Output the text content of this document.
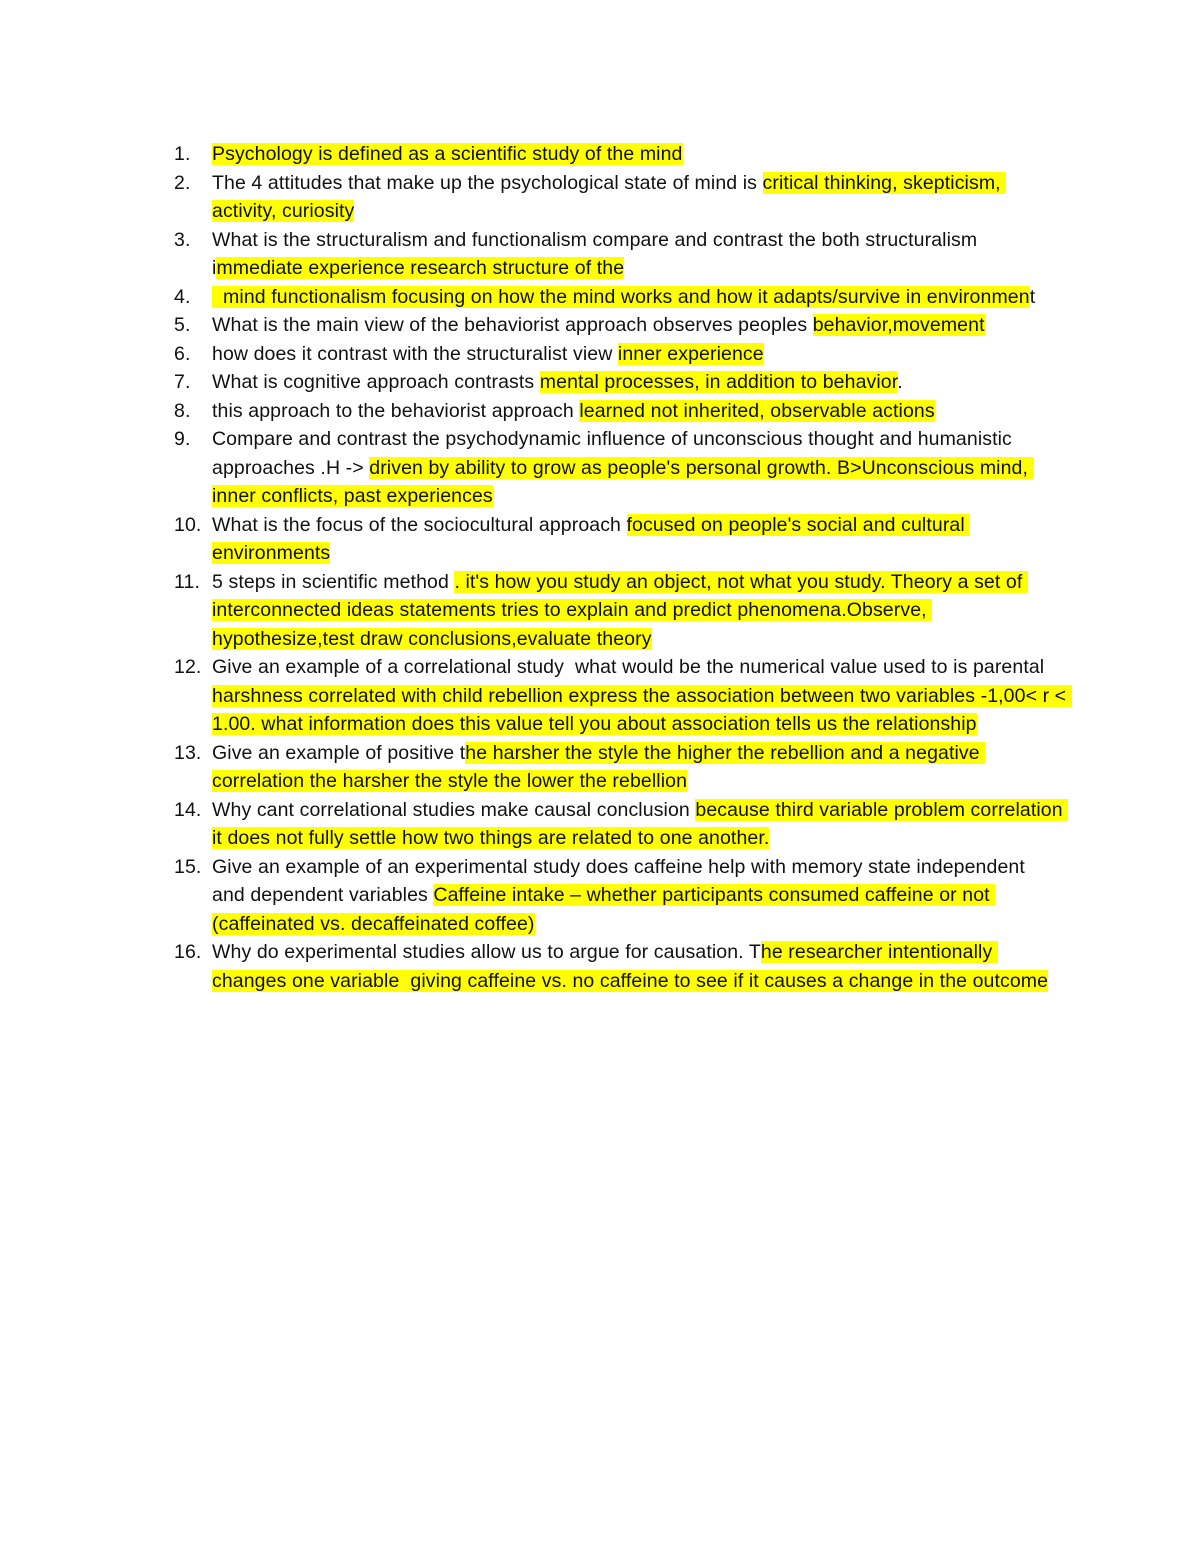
1. Psychology is defined as a scientific study of the mind
2. The 4 attitudes that make up the psychological state of mind is critical thinking, skepticism, activity, curiosity
3. What is the structuralism and functionalism compare and contrast the both structuralism immediate experience research structure of the
4. mind functionalism focusing on how the mind works and how it adapts/survive in environment
5. What is the main view of the behaviorist approach observes peoples behavior,movement
6. how does it contrast with the structuralist view inner experience
7. What is cognitive approach contrasts mental processes, in addition to behavior.
8. this approach to the behaviorist approach learned not inherited, observable actions
9. Compare and contrast the psychodynamic influence of unconscious thought and humanistic approaches .H -> driven by ability to grow as people's personal growth. B>Unconscious mind, inner conflicts, past experiences
10. What is the focus of the sociocultural approach focused on people's social and cultural environments
11. 5 steps in scientific method . it's how you study an object, not what you study. Theory a set of interconnected ideas statements tries to explain and predict phenomena.Observe, hypothesize,test draw conclusions,evaluate theory
12. Give an example of a correlational study  what would be the numerical value used to is parental harshness correlated with child rebellion express the association between two variables -1,00< r < 1.00. what information does this value tell you about association tells us the relationship
13. Give an example of positive the harsher the style the higher the rebellion and a negative correlation the harsher the style the lower the rebellion
14. Why cant correlational studies make causal conclusion because third variable problem correlation it does not fully settle how two things are related to one another.
15. Give an example of an experimental study does caffeine help with memory state independent  and dependent variables Caffeine intake – whether participants consumed caffeine or not (caffeinated vs. decaffeinated coffee)
16. Why do experimental studies allow us to argue for causation. The researcher intentionally changes one variable  giving caffeine vs. no caffeine to see if it causes a change in the outcome
